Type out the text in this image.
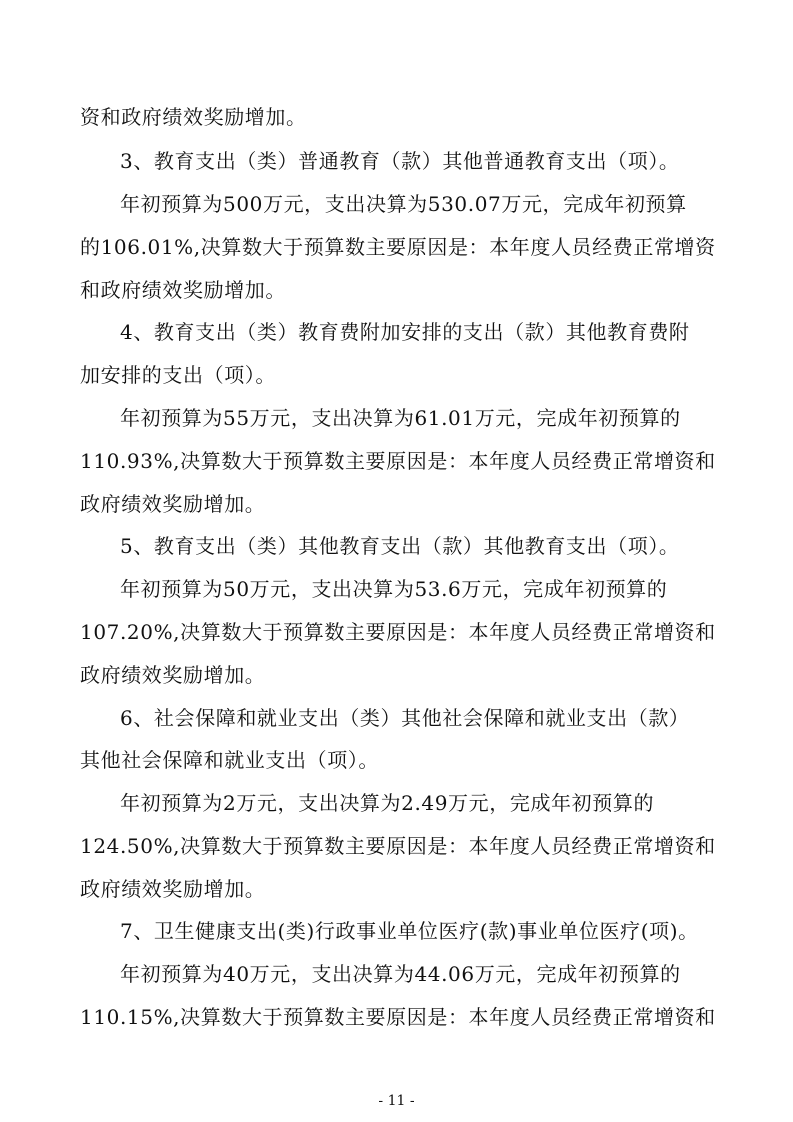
资和政府绩效奖励增加。
3、教育支出（类）普通教育（款）其他普通教育支出（项）。
年初预算为500万元，支出决算为530.07万元，完成年初预算
的106.01%,决算数大于预算数主要原因是：本年度人员经费正常增资
和政府绩效奖励增加。
4、教育支出（类）教育费附加安排的支出（款）其他教育费附
加安排的支出（项）。
年初预算为55万元，支出决算为61.01万元，完成年初预算的
110.93%,决算数大于预算数主要原因是：本年度人员经费正常增资和
政府绩效奖励增加。
5、教育支出（类）其他教育支出（款）其他教育支出（项）。
年初预算为50万元，支出决算为53.6万元，完成年初预算的
107.20%,决算数大于预算数主要原因是：本年度人员经费正常增资和
政府绩效奖励增加。
6、社会保障和就业支出（类）其他社会保障和就业支出（款）
其他社会保障和就业支出（项）。
年初预算为2万元，支出决算为2.49万元，完成年初预算的
124.50%,决算数大于预算数主要原因是：本年度人员经费正常增资和
政府绩效奖励增加。
7、卫生健康支出(类)行政事业单位医疗(款)事业单位医疗(项)。
年初预算为40万元，支出决算为44.06万元，完成年初预算的
110.15%,决算数大于预算数主要原因是：本年度人员经费正常增资和
- 11 -
